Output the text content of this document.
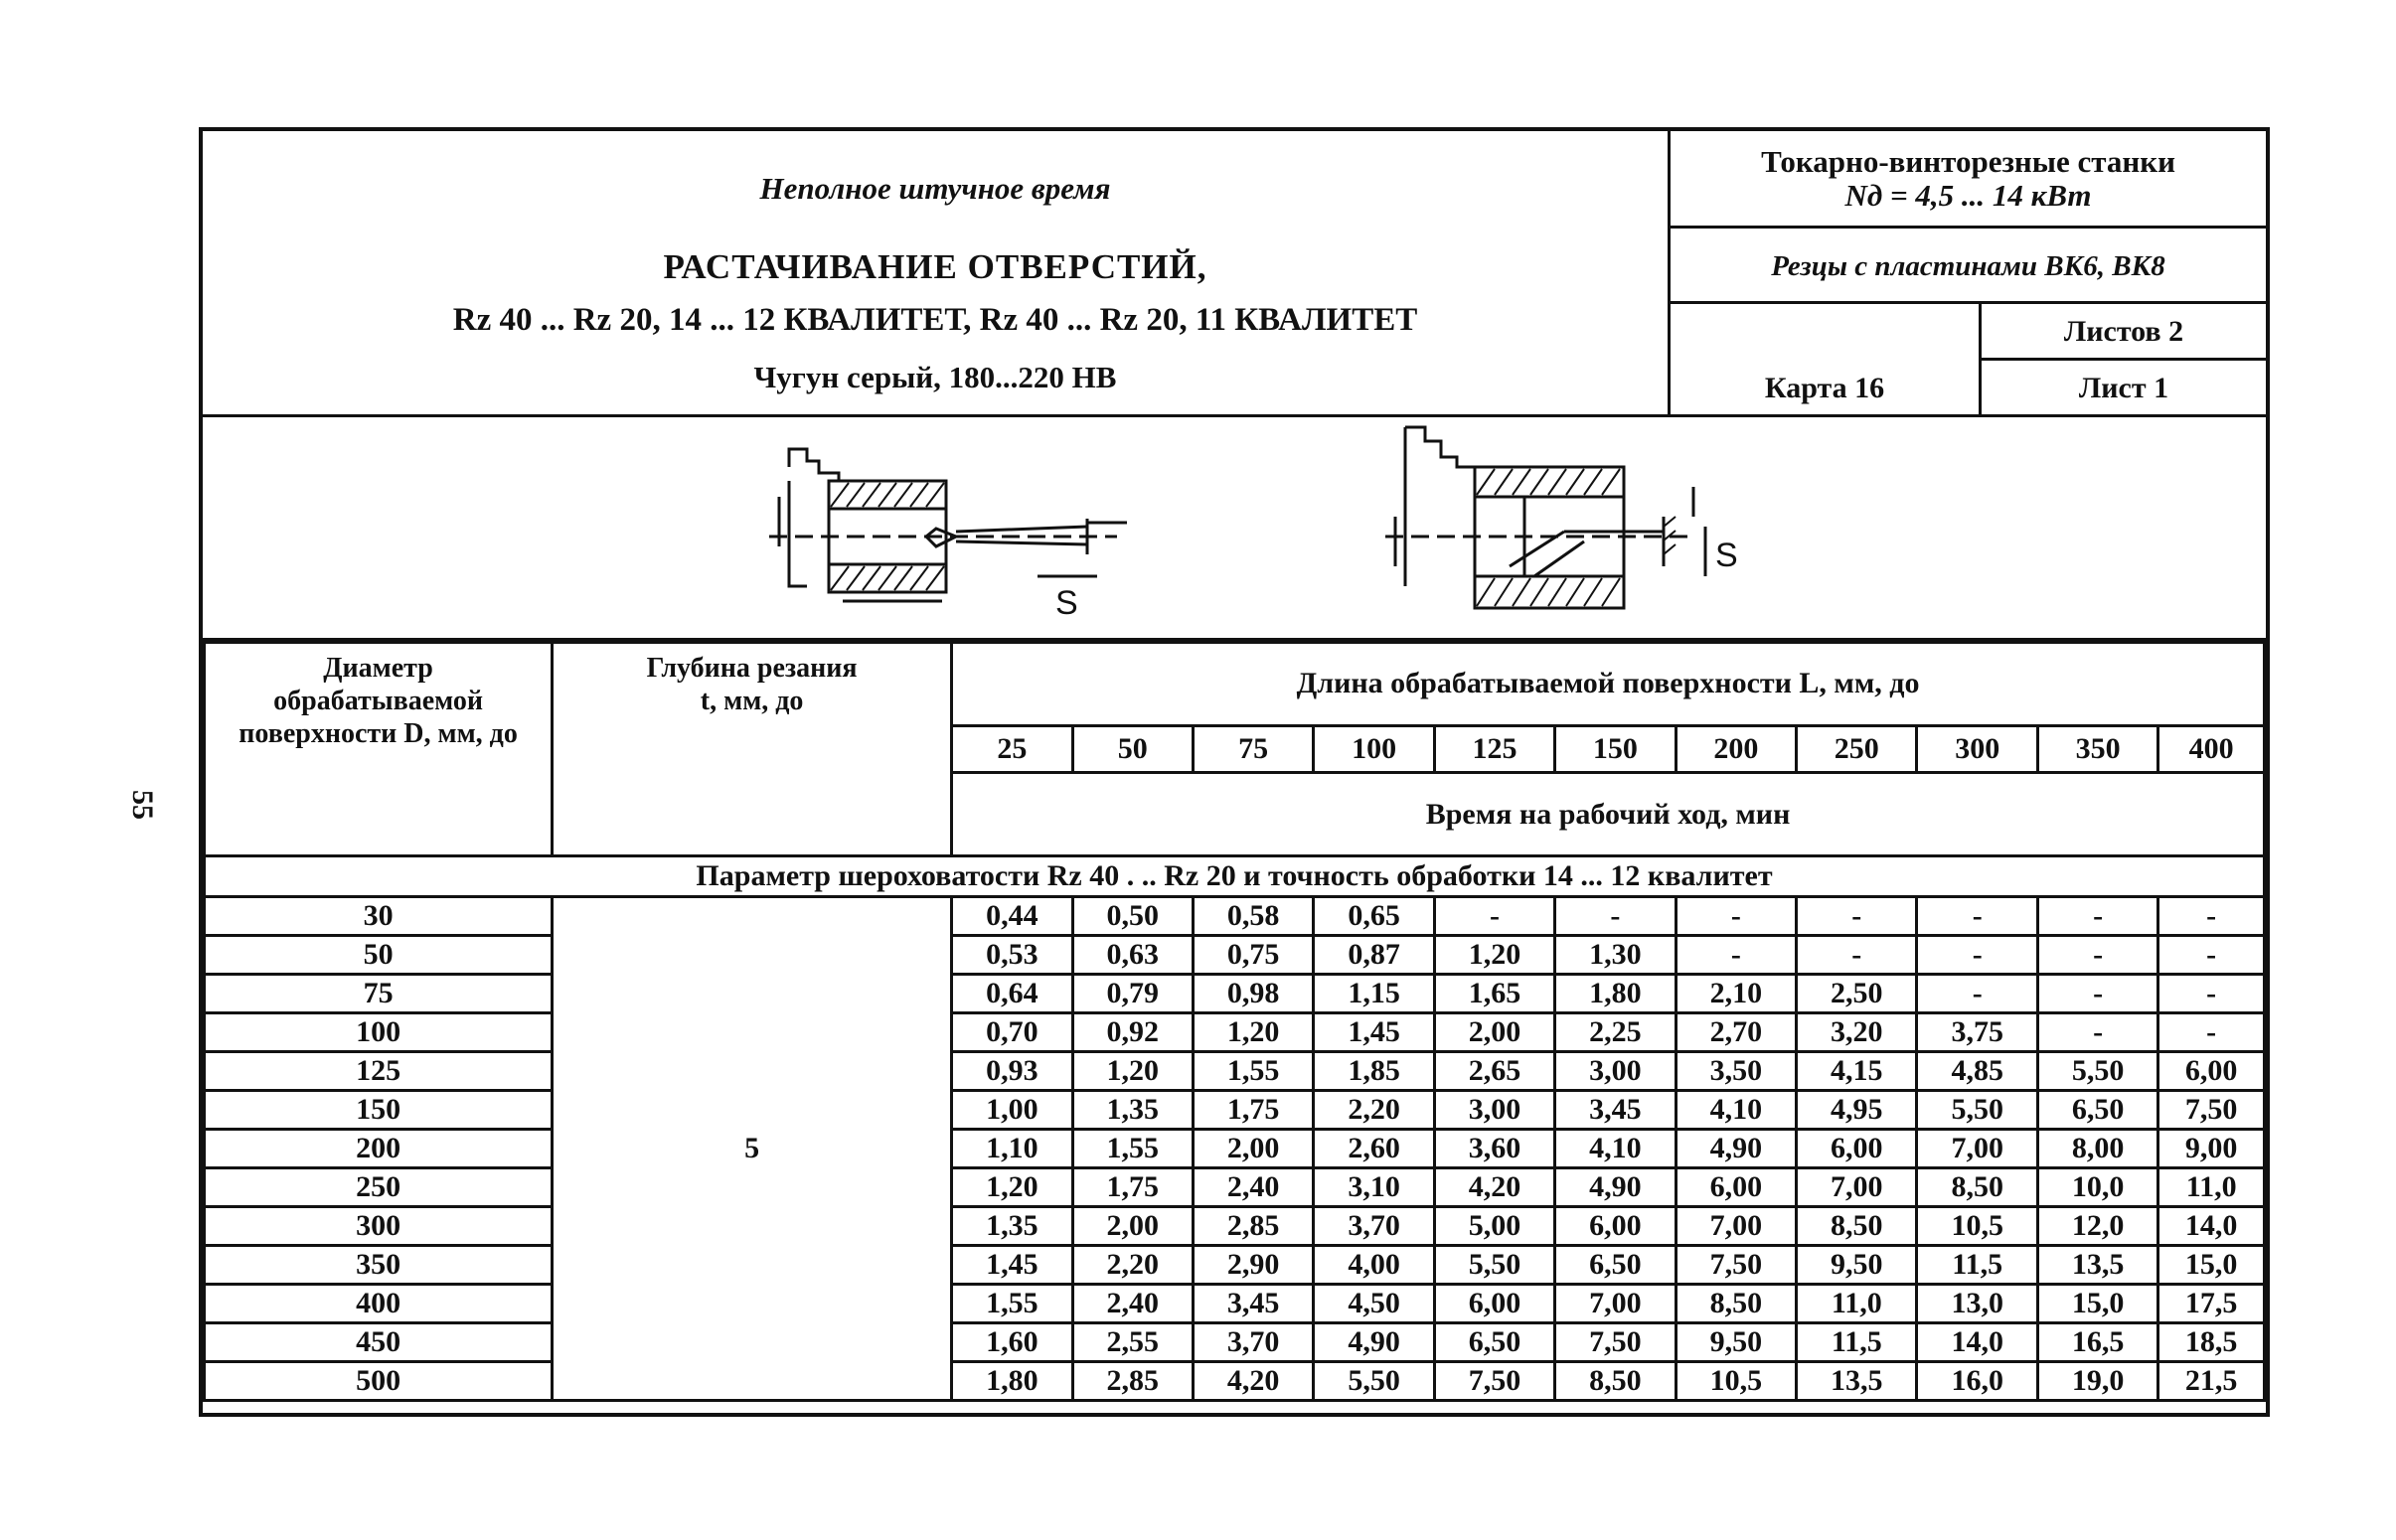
55
Неполное штучное время
РАСТАЧИВАНИЕ ОТВЕРСТИЙ,
Rz 40 ... Rz 20, 14 ... 12 КВАЛИТЕТ, Rz 40 ... Rz 20, 11 КВАЛИТЕТ
Чугун серый, 180...220 НВ
Токарно-винторезные станки
Nд = 4,5 ... 14 кВт
Резцы с пластинами ВК6, ВК8
Карта 16
Листов 2
Лист 1
S
S
Диаметр обрабатываемой поверхности D, мм, до	Глубина резания t, мм, до	Длина обрабатываемой поверхности L, мм, до										
		25	50	75	100	125	150	200	250	300	350	400
		Время на рабочий ход, мин										
Параметр шероховатости Rz 40 . .. Rz 20 и точность обработки 14 ... 12 квалитет												
30	5	0,44	0,50	0,58	0,65	-	-	-	-	-	-	-
50		0,53	0,63	0,75	0,87	1,20	1,30	-	-	-	-	-
75		0,64	0,79	0,98	1,15	1,65	1,80	2,10	2,50	-	-	-
100		0,70	0,92	1,20	1,45	2,00	2,25	2,70	3,20	3,75	-	-
125		0,93	1,20	1,55	1,85	2,65	3,00	3,50	4,15	4,85	5,50	6,00
150		1,00	1,35	1,75	2,20	3,00	3,45	4,10	4,95	5,50	6,50	7,50
200		1,10	1,55	2,00	2,60	3,60	4,10	4,90	6,00	7,00	8,00	9,00
250		1,20	1,75	2,40	3,10	4,20	4,90	6,00	7,00	8,50	10,0	11,0
300		1,35	2,00	2,85	3,70	5,00	6,00	7,00	8,50	10,5	12,0	14,0
350		1,45	2,20	2,90	4,00	5,50	6,50	7,50	9,50	11,5	13,5	15,0
400		1,55	2,40	3,45	4,50	6,00	7,00	8,50	11,0	13,0	15,0	17,5
450		1,60	2,55	3,70	4,90	6,50	7,50	9,50	11,5	14,0	16,5	18,5
500		1,80	2,85	4,20	5,50	7,50	8,50	10,5	13,5	16,0	19,0	21,5
